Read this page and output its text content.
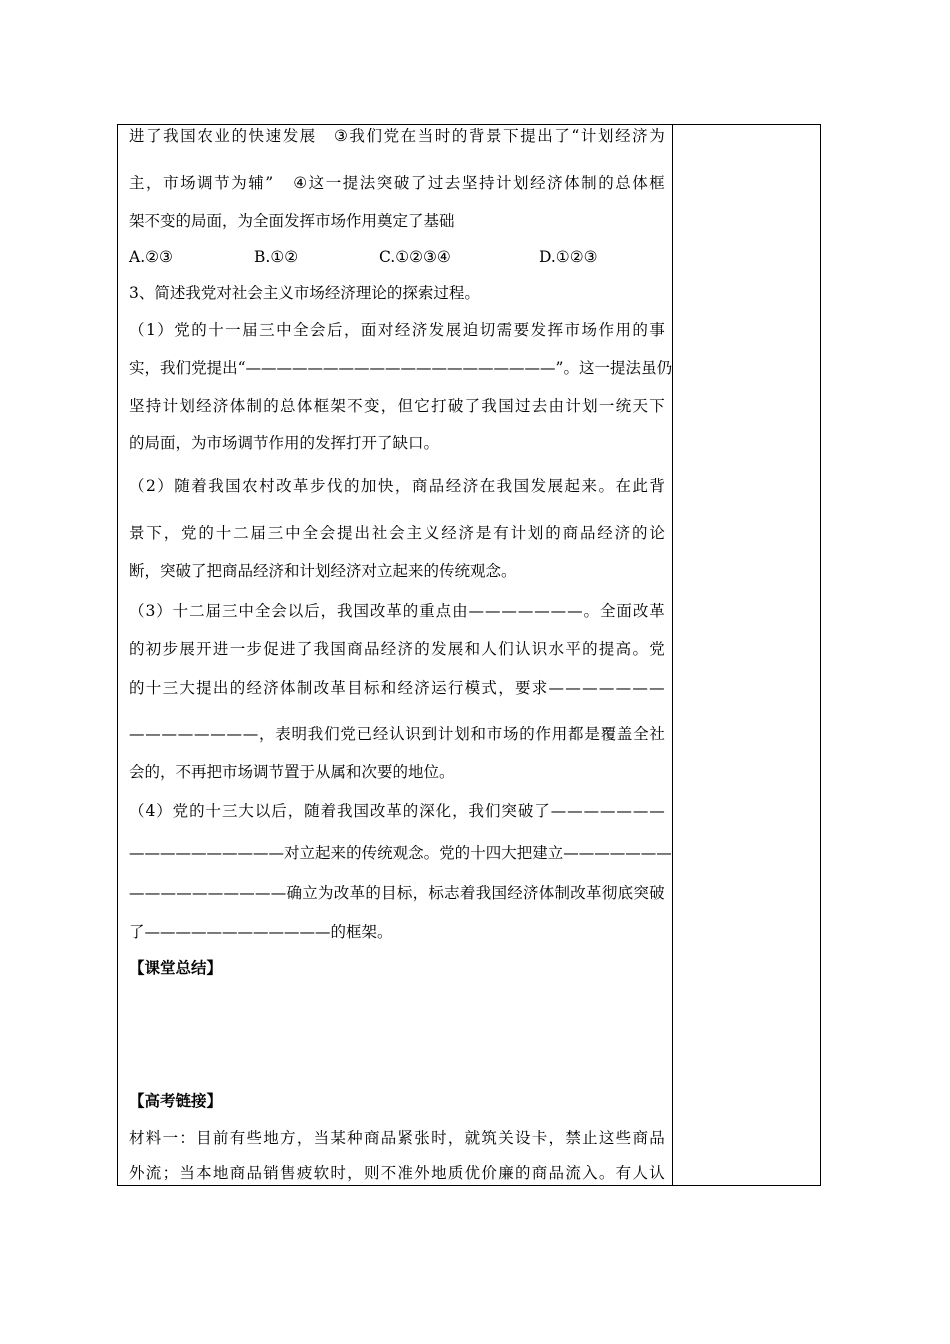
进 了 我 国 农 业 的 快 速 发 展
　 ③ 我 们 党 在 当 时 的 背 景 下 提 出 了 “ 计 划 经 济 为
主 ， 市 场 调 节 为 辅 ”
　 ④ 这 一 提 法 突 破 了 过 去 坚 持 计 划 经 济 体 制 的 总 体 框
架不变的局面，为全面发挥市场作用奠定了基础
A.②③	B.①②	C.①②③④	D.①②③
3、简述我党对社会主义市场经济理论的探索过程。
（ 1 ） 党 的 十 一 届 三 中 全 会 后 ， 面 对 经 济 发 展 迫 切 需 要 发 挥 市 场 作 用 的 事
实 ， 我 们 党 提 出 “ — — — — — — — — — — — — — — — — — — — — ” 。 这 一 提 法 虽 仍
坚 持 计 划 经 济 体 制 的 总 体 框 架 不 变 ， 但 它 打 破 了 我 国 过 去 由 计 划 一 统 天 下
的局面，为市场调节作用的发挥打开了缺口。
（ 2 ） 随 着 我 国 农 村 改 革 步 伐 的 加 快 ， 商 品 经 济 在 我 国 发 展 起 来 。 在 此 背
景 下 ， 党 的 十 二 届 三 中 全 会 提 出 社 会 主 义 经 济 是 有 计 划 的 商 品 经 济 的 论
断，突破了把商品经济和计划经济对立起来的传统观念。
（ 3 ） 十 二 届 三 中 全 会 以 后 ， 我 国 改 革 的 重 点 由 — — — — — — — 。 全 面 改 革
的 初 步 展 开 进 一 步 促 进 了 我 国 商 品 经 济 的 发 展 和 人 们 认 识 水 平 的 提 高 。 党
的 十 三 大 提 出 的 经 济 体 制 改 革 目 标 和 经 济 运 行 模 式 ， 要 求 — — — — — — —
— — — — — — — — ， 表 明 我 们 党 已 经 认 识 到 计 划 和 市 场 的 作 用 都 是 覆 盖 全 社
会的，不再把市场调节置于从属和次要的地位。
（ 4 ） 党 的 十 三 大 以 后 ， 随 着 我 国 改 革 的 深 化 ， 我 们 突 破 了 — — — — — — —
— — — — — — — — — — 对 立 起 来 的 传 统 观 念 。 党 的 十 四 大 把 建 立 — — — — — — —
— — — — — — — — — — 确 立 为 改 革 的 目 标 ， 标 志 着 我 国 经 济 体 制 改 革 彻 底 突 破
了————————————的框架。
【课堂总结】
【高考链接】
材 料 一 ： 目 前 有 些 地 方 ， 当 某 种 商 品 紧 张 时 ， 就 筑 关 设 卡 ， 禁 止 这 些 商 品
外 流 ； 当 本 地 商 品 销 售 疲 软 时 ， 则 不 准 外 地 质 优 价 廉 的 商 品 流 入 。 有 人 认
